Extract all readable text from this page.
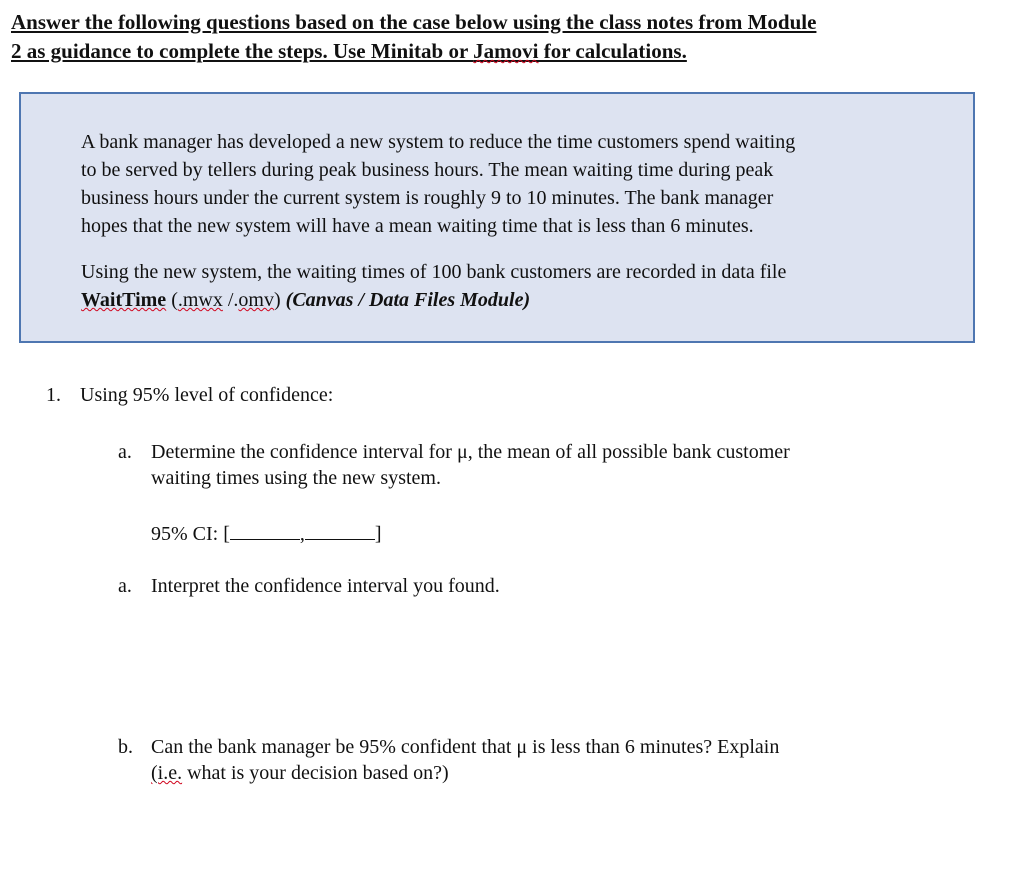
Answer the following questions based on the case below using the class notes from Module
2 as guidance to complete the steps. Use Minitab or Jamovi for calculations.

A bank manager has developed a new system to reduce the time customers spend waiting
to be served by tellers during peak business hours. The mean waiting time during peak
business hours under the current system is roughly 9 to 10 minutes. The bank manager
hopes that the new system will have a mean waiting time that is less than 6 minutes.

Using the new system, the waiting times of 100 bank customers are recorded in data file
WaitTime (.mwx /.omv) (Canvas / Data Files Module)

1. Using 95% level of confidence:

a. Determine the confidence interval for μ, the mean of all possible bank customer
waiting times using the new system.

95% CI: [	,	]

a. Interpret the confidence interval you found.
b. Can the bank manager be 95% confident that μ is less than 6 minutes? Explain
(i.e. what is your decision based on?)
